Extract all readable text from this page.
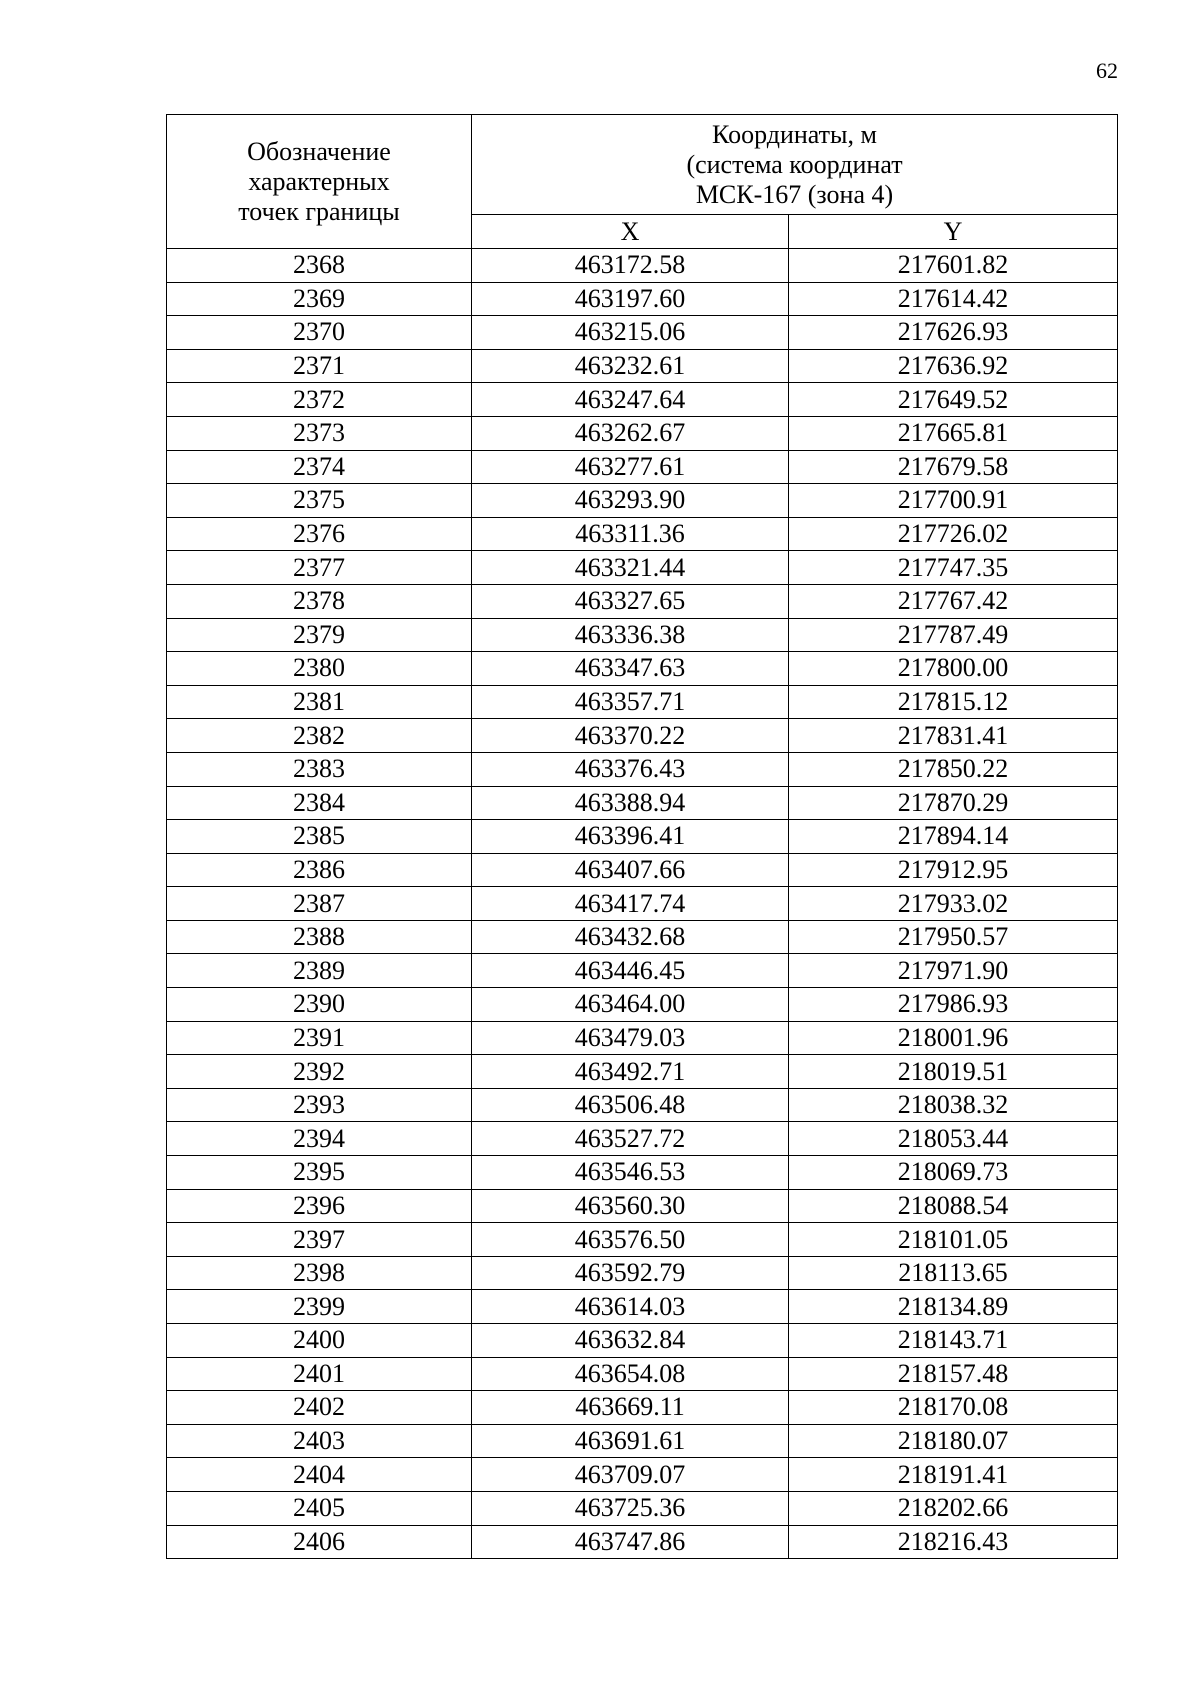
62
Обозначение
характерных
точек границы	Координаты, м
(система координат
МСК-167 (зона 4)	

	X	Y
2368	463172.58	217601.82
2369	463197.60	217614.42
2370	463215.06	217626.93
2371	463232.61	217636.92
2372	463247.64	217649.52
2373	463262.67	217665.81
2374	463277.61	217679.58
2375	463293.90	217700.91
2376	463311.36	217726.02
2377	463321.44	217747.35
2378	463327.65	217767.42
2379	463336.38	217787.49
2380	463347.63	217800.00
2381	463357.71	217815.12
2382	463370.22	217831.41
2383	463376.43	217850.22
2384	463388.94	217870.29
2385	463396.41	217894.14
2386	463407.66	217912.95
2387	463417.74	217933.02
2388	463432.68	217950.57
2389	463446.45	217971.90
2390	463464.00	217986.93
2391	463479.03	218001.96
2392	463492.71	218019.51
2393	463506.48	218038.32
2394	463527.72	218053.44
2395	463546.53	218069.73
2396	463560.30	218088.54
2397	463576.50	218101.05
2398	463592.79	218113.65
2399	463614.03	218134.89
2400	463632.84	218143.71
2401	463654.08	218157.48
2402	463669.11	218170.08
2403	463691.61	218180.07
2404	463709.07	218191.41
2405	463725.36	218202.66
2406	463747.86	218216.43
